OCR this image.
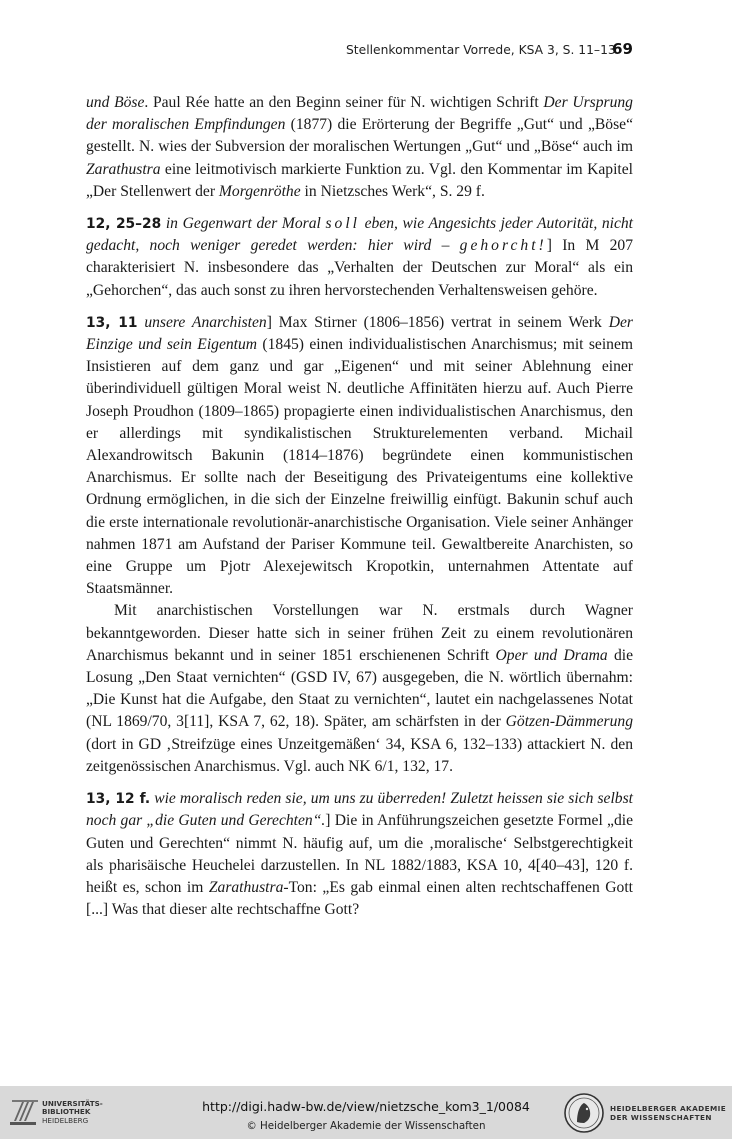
Stellenkommentar Vorrede, KSA 3, S. 11–13
69

und Böse. Paul Rée hatte an den Beginn seiner für N. wichtigen Schrift Der Ursprung der moralischen Empfindungen (1877) die Erörterung der Begriffe „Gut“ und „Böse“ gestellt. N. wies der Subversion der moralischen Wertungen „Gut“ und „Böse“ auch im Zarathustra eine leitmotivisch markierte Funktion zu. Vgl. den Kommentar im Kapitel „Der Stellenwert der Morgenröthe in Nietzsches Werk“, S. 29 f.

12, 25–28 in Gegenwart der Moral soll eben, wie Angesichts jeder Autorität, nicht gedacht, noch weniger geredet werden: hier wird – gehorcht!] In M 207 charakterisiert N. insbesondere das „Verhalten der Deutschen zur Moral“ als ein „Gehorchen“, das auch sonst zu ihren hervorstechenden Verhaltensweisen gehöre.

13, 11 unsere Anarchisten] Max Stirner (1806–1856) vertrat in seinem Werk Der Einzige und sein Eigentum (1845) einen individualistischen Anarchismus; mit seinem Insistieren auf dem ganz und gar „Eigenen“ und mit seiner Ablehnung einer überindividuell gültigen Moral weist N. deutliche Affinitäten hierzu auf. Auch Pierre Joseph Proudhon (1809–1865) propagierte einen individualistischen Anarchismus, den er allerdings mit syndikalistischen Strukturelementen verband. Michail Alexandrowitsch Bakunin (1814–1876) begründete einen kommunistischen Anarchismus. Er sollte nach der Beseitigung des Privateigentums eine kollektive Ordnung ermöglichen, in die sich der Einzelne freiwillig einfügt. Bakunin schuf auch die erste internationale revolutionär-anarchistische Organisation. Viele seiner Anhänger nahmen 1871 am Aufstand der Pariser Kommune teil. Gewaltbereite Anarchisten, so eine Gruppe um Pjotr Alexejewitsch Kropotkin, unternahmen Attentate auf Staatsmänner.

Mit anarchistischen Vorstellungen war N. erstmals durch Wagner bekanntgeworden. Dieser hatte sich in seiner frühen Zeit zu einem revolutionären Anarchismus bekannt und in seiner 1851 erschienenen Schrift Oper und Drama die Losung „Den Staat vernichten“ (GSD IV, 67) ausgegeben, die N. wörtlich übernahm: „Die Kunst hat die Aufgabe, den Staat zu vernichten“, lautet ein nachgelassenes Notat (NL 1869/70, 3[11], KSA 7, 62, 18). Später, am schärfsten in der Götzen-Dämmerung (dort in GD ‚Streifzüge eines Unzeitgemäßen‘ 34, KSA 6, 132–133) attackiert N. den zeitgenössischen Anarchismus. Vgl. auch NK 6/1, 132, 17.

13, 12 f. wie moralisch reden sie, um uns zu überreden! Zuletzt heissen sie sich selbst noch gar „die Guten und Gerechten“.] Die in Anführungszeichen gesetzte Formel „die Guten und Gerechten“ nimmt N. häufig auf, um die ‚moralische‘ Selbstgerechtigkeit als pharisäische Heuchelei darzustellen. In NL 1882/1883, KSA 10, 4[40–43], 120 f. heißt es, schon im Zarathustra-Ton: „Es gab einmal einen alten rechtschaffenen Gott [...] Was that dieser alte rechtschaffne Gott?

UNIVERSITÄTS-
BIBLIOTHEK
HEIDELBERG
http://digi.hadw-bw.de/view/nietzsche_kom3_1/0084
© Heidelberger Akademie der Wissenschaften
HEIDELBERGER AKADEMIE
DER WISSENSCHAFTEN
